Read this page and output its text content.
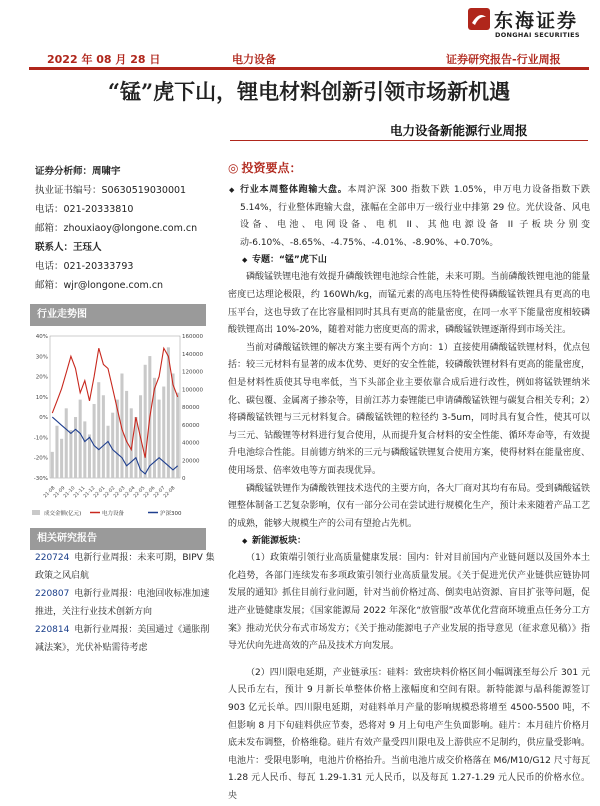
东海证券
DONGHAI SECURITIES
2022 年 08 月 28 日	电力设备	证券研究报告-行业周报
“锰”虎下山，锂电材料创新引领市场新机遇
电力设备新能源行业周报
证券分析师：周啸宇
执业证书编号：S0630519030001
电话：021-20333810
邮箱：zhouxiaoy@longone.com.cn
联系人：王珏人
电话：021-20333793
邮箱：wjr@longone.com.cn
行业走势图
40%
30%
20%
10%
0%
-10%
-20%
-30%
160000
140000
120000
100000
80000
60000
40000
20000
0
21-08
21-09
21-10
21-11
21-12
22-01
22-02
22-03
22-04
22-05
22-06
22-07
22-08
成交金额(亿元)	电力设备	沪深300
相关研究报告
220724 电新行业周报：未来可期，BIPV 集政策之风启航
220807 电新行业周报：电池回收标准加速推进，关注行业技术创新方向
220814 电新行业周报：美国通过《通胀削减法案》，光伏补贴需待考虑
◎ 投资要点：

◆ 行业本周整体跑输大盘。本周沪深 300 指数下跌 1.05%，申万电力设备指数下跌 5.14%，行业整体跑输大盘，涨幅在全部申万一级行业中排第 29 位。光伏设备、风电设备、电池、电网设备、电机 II、其他电源设备 II 子板块分别变动-6.10%、-8.65%、-4.75%、-4.01%、-8.90%、+0.70%。

◆ 专题：“锰”虎下山

磷酸锰铁锂电池有效提升磷酸铁锂电池综合性能，未来可期。当前磷酸铁锂电池的能量密度已达理论极限，约 160Wh/kg，而锰元素的高电压特性使得磷酸锰铁锂具有更高的电压平台，这也导致了在比容量相同时其具有更高的能量密度，在同一水平下能量密度相较磷酸铁锂高出 10%-20%，随着对能力密度更高的需求，磷酸锰铁锂逐渐得到市场关注。

当前对磷酸锰铁锂的解决方案主要有两个方向：1）直接使用磷酸锰铁锂材料，优点包括：较三元材料有显著的成本优势、更好的安全性能，较磷酸铁锂材料有更高的能量密度，但是材料性质使其导电率低，当下头部企业主要依靠合成后进行改性，例如将锰铁锂纳米化、碳包覆、金属离子掺杂等，目前江苏力泰锂能已申请磷酸锰铁锂与碳复合相关专利；2）将磷酸锰铁锂与三元材料复合。磷酸锰铁锂的粒径约 3-5um，同时具有复合性，使其可以与三元、钴酸锂等材料进行复合使用，从而提升复合材料的安全性能、循环寿命等，有效提升电池综合性能。目前德方纳米的三元与磷酸锰铁锂复合使用方案，使得材料在能量密度、使用场景、倍率效电等方面表现优异。

磷酸锰铁锂作为磷酸铁锂技术迭代的主要方向，各大厂商对其均有布局。受到磷酸锰铁锂整体制备工艺复杂影响，仅有一部分公司在尝试进行规模化生产，预计未来随着产品工艺的成熟，能够大规模生产的公司有望抢占先机。

◆ 新能源板块：

（1）政策端引领行业高质量健康发展：国内：针对目前国内产业链问题以及国外本土化趋势，各部门连续发布多项政策引领行业高质量发展。《关于促进光伏产业链供应链协同发展的通知》抓住目前行业问题，针对当前价格过高、倒卖电站资源、盲目扩张等问题，促进产业链健康发展；《国家能源局 2022 年深化“放管服”改革优化营商环境重点任务分工方案》推动光伏分布式市场发方；《关于推动能源电子产业发展的指导意见（征求意见稿）》指导光伏向先进高效的产品及技术方向发展。

（2）四川限电延期，产业链承压：硅料：致密块料价格区间小幅调涨至每公斤 301 元人民币左右，预计 9 月新长单整体价格上涨幅度和空间有限。新特能源与晶科能源签订 903 亿元长单。四川限电延期，对硅料单月产量的影响规模恐将增至 4500-5500 吨，不但影响 8 月下旬硅料供应节奏，恐将对 9 月上旬电产生负面影响。硅片：本月硅片价格月底未发布调整，价格维稳。硅片有效产量受四川限电及上游供应不足制约，供应量受影响。电池片：受限电影响，电池片价格抬升。当前电池片成交价格落在 M6/M10/G12 尺寸每瓦 1.28 元人民币、每瓦 1.29-1.31 元人民币，以及每瓦 1.27-1.29 元人民币的价格水位。央
